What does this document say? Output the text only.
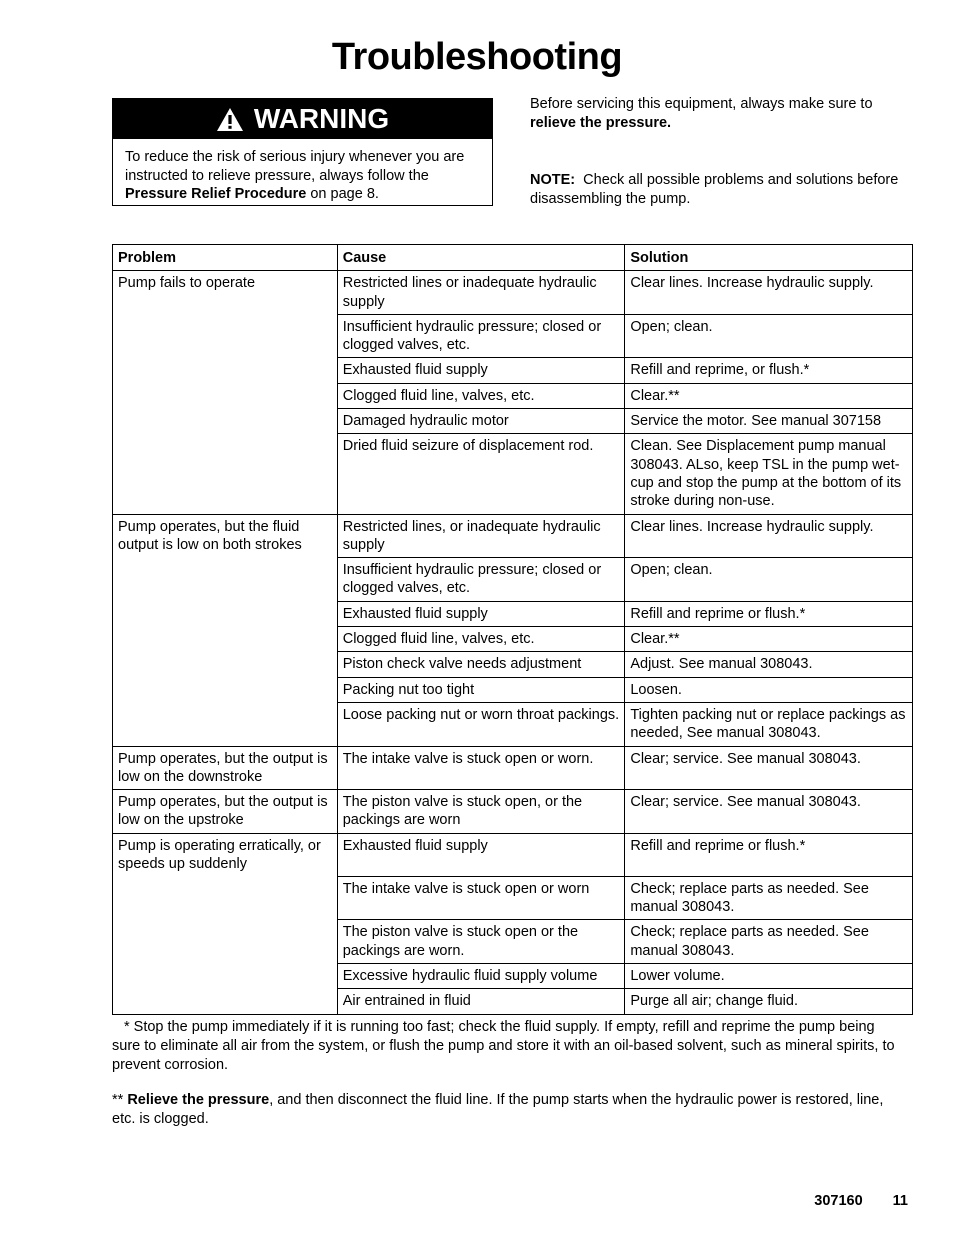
Troubleshooting
WARNING
To reduce the risk of serious injury whenever you are instructed to relieve pressure, always follow the Pressure Relief Procedure on page 8.

Before servicing this equipment, always make sure to relieve the pressure.

NOTE:  Check all possible problems and solutions before disassembling the pump.

Problem	Cause	Solution
Pump fails to operate	Restricted lines or inadequate hydraulic supply	Clear lines. Increase hydraulic supply.
	Insufficient hydraulic pressure; closed or clogged valves, etc.	Open; clean.
	Exhausted fluid supply	Refill and reprime, or flush.*
	Clogged fluid line, valves, etc.	Clear.**
	Damaged hydraulic motor	Service the motor. See manual 307158
	Dried fluid seizure of displacement rod.	Clean. See Displacement pump manual 308043. ALso, keep TSL in the pump wet-cup and stop the pump at the bottom of its stroke during non-use.
Pump operates, but the fluid output is low on both strokes	Restricted lines, or inadequate hydraulic supply	Clear lines. Increase hydraulic supply.
	Insufficient hydraulic pressure; closed or clogged valves, etc.	Open; clean.
	Exhausted fluid supply	Refill and reprime or flush.*
	Clogged fluid line, valves, etc.	Clear.**
	Piston check valve needs adjustment	Adjust. See manual 308043.
	Packing nut too tight	Loosen.
	Loose packing nut or worn throat packings.	Tighten packing nut or replace packings as needed, See manual 308043.
Pump operates, but the output is low on the downstroke	The intake valve is stuck open or worn.	Clear; service. See manual 308043.
Pump operates, but the output is low on the upstroke	The piston valve is stuck open, or the packings are worn	Clear; service. See manual 308043.
Pump is operating erratically, or speeds up suddenly	Exhausted fluid supply	Refill and reprime or flush.*
	The intake valve is stuck open or worn	Check; replace parts as needed. See manual 308043.
	The piston valve is stuck open or the packings are worn.	Check; replace parts as needed. See manual 308043.
	Excessive hydraulic fluid supply volume	Lower volume.
	Air entrained in fluid	Purge all air; change fluid.

* Stop the pump immediately if it is running too fast; check the fluid supply. If empty, refill and reprime the pump being sure to eliminate all air from the system, or flush the pump and store it with an oil-based solvent, such as mineral spirits, to prevent corrosion.

** Relieve the pressure, and then disconnect the fluid line. If the pump starts when the hydraulic power is restored, line, etc. is clogged.

307160 11
